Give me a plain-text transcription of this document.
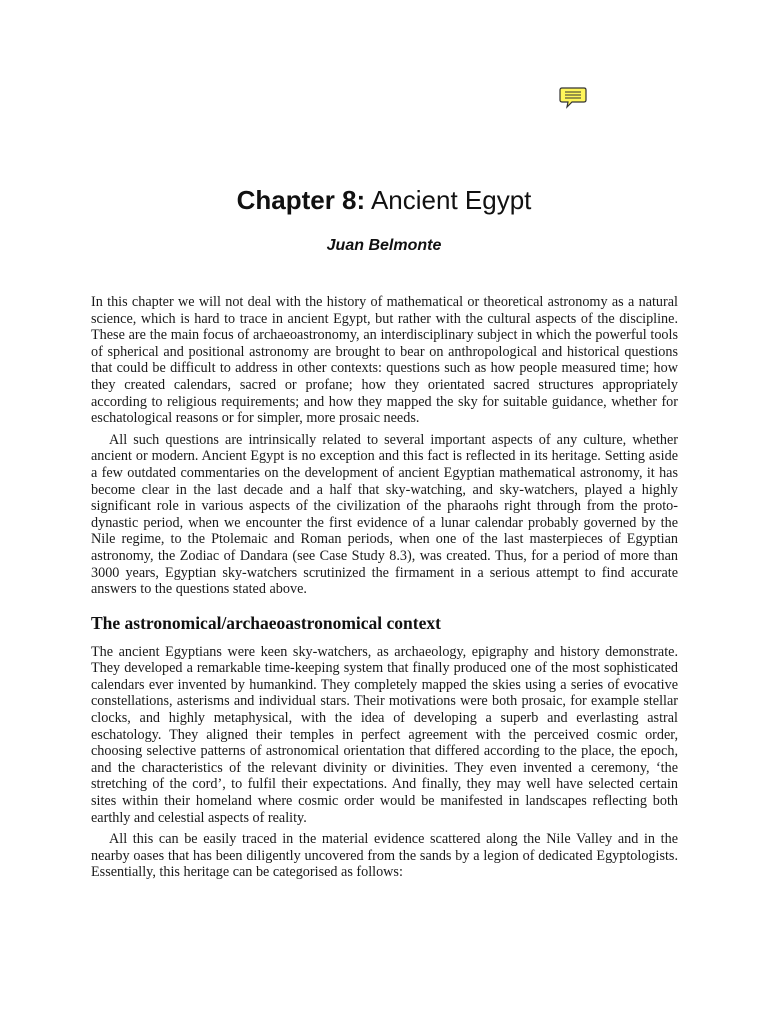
Chapter 8: Ancient Egypt
Juan Belmonte

In this chapter we will not deal with the history of mathematical or theoretical astronomy as a natural science, which is hard to trace in ancient Egypt, but rather with the cultural aspects of the discipline. These are the main focus of archaeoastronomy, an interdisciplinary subject in which the powerful tools of spherical and positional astronomy are brought to bear on anthropological and historical questions that could be difficult to address in other contexts: questions such as how people measured time; how they created calendars, sacred or profane; how they orientated sacred structures appropriately according to religious requirements; and how they mapped the sky for suitable guidance, whether for eschatological reasons or for simpler, more prosaic needs.

All such questions are intrinsically related to several important aspects of any culture, whether ancient or modern. Ancient Egypt is no exception and this fact is reflected in its heritage. Setting aside a few outdated commentaries on the development of ancient Egyptian mathematical astronomy, it has become clear in the last decade and a half that sky-watching, and sky-watchers, played a highly significant role in various aspects of the civilization of the pharaohs right through from the proto-dynastic period, when we encounter the first evidence of a lunar calendar probably governed by the Nile regime, to the Ptolemaic and Roman periods, when one of the last masterpieces of Egyptian astronomy, the Zodiac of Dandara (see Case Study 8.3), was created. Thus, for a period of more than 3000 years, Egyptian sky-watchers scrutinized the firmament in a serious attempt to find accurate answers to the questions stated above.

The astronomical/archaeoastronomical context

The ancient Egyptians were keen sky-watchers, as archaeology, epigraphy and history demonstrate. They developed a remarkable time-keeping system that finally produced one of the most sophisticated calendars ever invented by humankind. They completely mapped the skies using a series of evocative constellations, asterisms and individual stars. Their motivations were both prosaic, for example stellar clocks, and highly metaphysical, with the idea of developing a superb and everlasting astral eschatology. They aligned their temples in perfect agreement with the perceived cosmic order, choosing selective patterns of astronomical orientation that differed according to the place, the epoch, and the characteristics of the relevant divinity or divinities. They even invented a ceremony, ‘the stretching of the cord’, to fulfil their expectations. And finally, they may well have selected certain sites within their homeland where cosmic order would be manifested in landscapes reflecting both earthly and celestial aspects of reality.

All this can be easily traced in the material evidence scattered along the Nile Valley and in the nearby oases that has been diligently uncovered from the sands by a legion of dedicated Egyptologists. Essentially, this heritage can be categorised as follows:
